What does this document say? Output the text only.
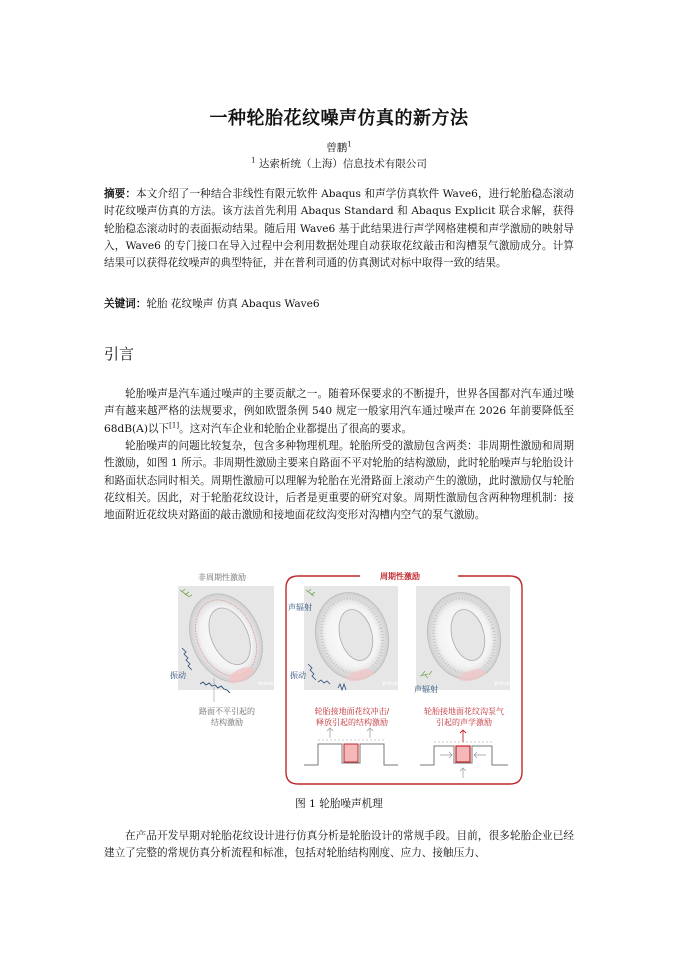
一种轮胎花纹噪声仿真的新方法
曾鹏$^1$
$^1$ 达索析统（上海）信息技术有限公司
摘要：本文介绍了一种结合非线性有限元软件 Abaqus 和声学仿真软件 Wave6，进行轮胎稳态滚动时花纹噪声仿真的方法。该方法首先利用 Abaqus Standard 和 Abaqus Explicit 联合求解，获得轮胎稳态滚动时的表面振动结果。随后用 Wave6 基于此结果进行声学网格建模和声学激励的映射导入，Wave6 的专门接口在导入过程中会利用数据处理自动获取花纹敲击和沟槽泵气激励成分。计算结果可以获得花纹噪声的典型特征，并在普利司通的仿真测试对标中取得一致的结果。
关键词：轮胎 花纹噪声 仿真 Abaqus Wave6
引言
轮胎噪声是汽车通过噪声的主要贡献之一。随着环保要求的不断提升，世界各国都对汽车通过噪声有越来越严格的法规要求，例如欧盟条例 540 规定一般家用汽车通过噪声在 2026 年前要降低至 68dB(A)以下[1]。这对汽车企业和轮胎企业都提出了很高的要求。
轮胎噪声的问题比较复杂，包含多种物理机理。轮胎所受的激励包含两类：非周期性激励和周期性激励，如图 1 所示。非周期性激励主要来自路面不平对轮胎的结构激励，此时轮胎噪声与轮胎设计和路面状态同时相关。周期性激励可以理解为轮胎在光滑路面上滚动产生的激励，此时激励仅与轮胎花纹相关。因此，对于轮胎花纹设计，后者是更重要的研究对象。周期性激励包含两种物理机制：接地面附近花纹块对路面的敲击激励和接地面花纹沟变形对沟槽内空气的泵气激励。
非周期性激励	周期性激励
振动
声辐射
振动
声辐射
wave6	wave6	wave6
路面不平引起的
结构激励
轮胎接地面花纹冲击/
释放引起的结构激励
轮胎接地面花纹沟泵气
引起的声学激励
图 1 轮胎噪声机理
在产品开发早期对轮胎花纹设计进行仿真分析是轮胎设计的常规手段。目前，很多轮胎企业已经建立了完整的常规仿真分析流程和标准，包括对轮胎结构刚度、应力、接触压力、
